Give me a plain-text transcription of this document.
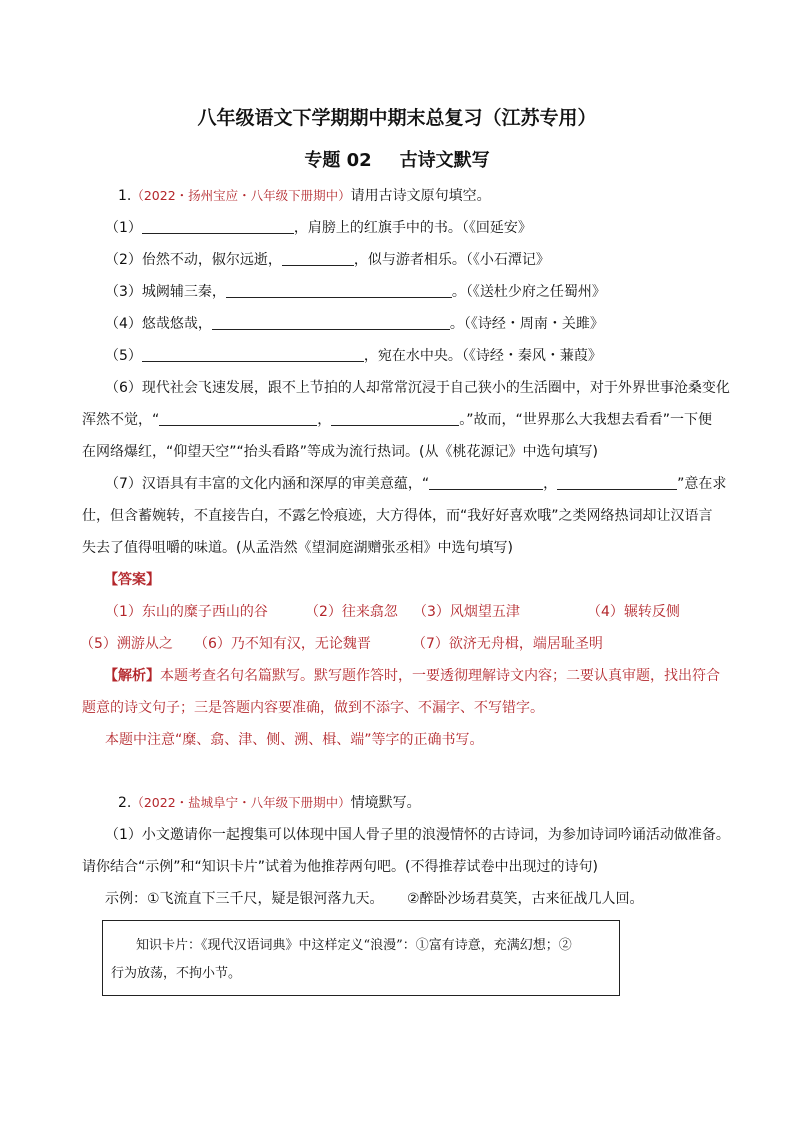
八年级语文下学期期中期末总复习（江苏专用）
专题 02 古诗文默写
1.（2022・扬州宝应・八年级下册期中）请用古诗文原句填空。
（1）	，肩膀上的红旗手中的书。（《回延安》
（2）佁然不动，俶尔远逝，	，似与游者相乐。（《小石潭记》
（3）城阙辅三秦，	。（《送杜少府之任蜀州》
（4）悠哉悠哉，	。（《诗经・周南・关雎》
（5）	，宛在水中央。（《诗经・秦风・蒹葭》
（6）现代社会飞速发展，跟不上节拍的人却常常沉浸于自己狭小的生活圈中，对于外界世事沧桑变化
浑然不觉，“	，	。”故而，“世界那么大我想去看看”一下便
在网络爆红，“仰望天空”“抬头看路”等成为流行热词。(从《桃花源记》中选句填写)
（7）汉语具有丰富的文化内涵和深厚的审美意蕴，“	，	”意在求
仕，但含蓄婉转，不直接告白，不露乞怜痕迹，大方得体，而“我好好喜欢哦”之类网络热词却让汉语言
失去了值得咀嚼的味道。(从孟浩然《望洞庭湖赠张丞相》中选句填写)
【答案】
（1）东山的糜子西山的谷	（2）往来翕忽 （3）风烟望五津	（4）辗转反侧
（5）溯游从之 （6）乃不知有汉，无论魏晋	（7）欲济无舟楫，端居耻圣明
【解析】本题考查名句名篇默写。默写题作答时，一要透彻理解诗文内容；二要认真审题，找出符合
题意的诗文句子；三是答题内容要准确，做到不添字、不漏字、不写错字。
本题中注意“糜、翕、津、侧、溯、楫、端”等字的正确书写。
2.（2022・盐城阜宁・八年级下册期中）情境默写。
（1）小文邀请你一起搜集可以体现中国人骨子里的浪漫情怀的古诗词，为参加诗词吟诵活动做准备。
请你结合“示例”和“知识卡片”试着为他推荐两句吧。(不得推荐试卷中出现过的诗句)
示例：①飞流直下三千尺，疑是银河落九天。 ②醉卧沙场君莫笑，古来征战几人回。
知识卡片：《现代汉语词典》中这样定义“浪漫”：①富有诗意，充满幻想；②
行为放荡，不拘小节。
